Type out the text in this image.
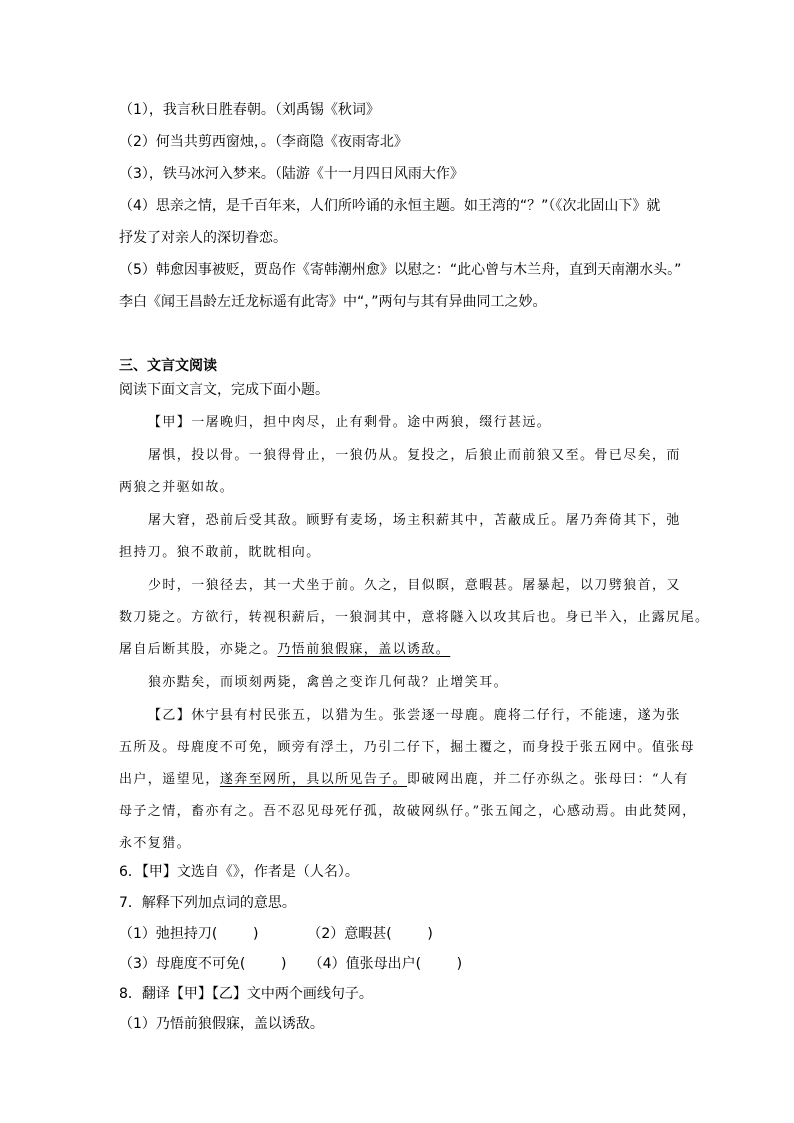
（1），我言秋日胜春朝。（刘禹锡《秋词》
（2）何当共剪西窗烛，。（李商隐《夜雨寄北》
（3），铁马冰河入梦来。（陆游《十一月四日风雨大作》
（4）思亲之情，是千百年来，人们所吟诵的永恒主题。如王湾的“？”（《次北固山下》就
抒发了对亲人的深切眷恋。
（5）韩愈因事被贬，贾岛作《寄韩潮州愈》以慰之：“此心曾与木兰舟，直到天南潮水头。”
李白《闻王昌龄左迁龙标遥有此寄》中“，”两句与其有异曲同工之妙。
三、文言文阅读
阅读下面文言文，完成下面小题。
【甲】一屠晚归，担中肉尽，止有剩骨。途中两狼，缀行甚远。
屠惧，投以骨。一狼得骨止，一狼仍从。复投之，后狼止而前狼又至。骨已尽矣，而
两狼之并驱如故。
屠大窘，恐前后受其敌。顾野有麦场，场主积薪其中，苫蔽成丘。屠乃奔倚其下，弛
担持刀。狼不敢前，眈眈相向。
少时，一狼径去，其一犬坐于前。久之，目似瞑，意暇甚。屠暴起，以刀劈狼首，又
数刀毙之。方欲行，转视积薪后，一狼洞其中，意将隧入以攻其后也。身已半入，止露尻尾。
屠自后断其股，亦毙之。乃悟前狼假寐，盖以诱敌。
狼亦黠矣，而顷刻两毙，禽兽之变诈几何哉？止增笑耳。
【乙】休宁县有村民张五，以猎为生。张尝逐一母鹿。鹿将二仔行，不能速，遂为张
五所及。母鹿度不可免，顾旁有浮土，乃引二仔下，掘土覆之，而身投于张五网中。值张母
出户，遥望见，遂奔至网所，具以所见告子。即破网出鹿，并二仔亦纵之。张母曰：“人有
母子之情，畜亦有之。吾不忍见母死仔孤，故破网纵仔。”张五闻之，心感动焉。由此焚网，
永不复猎。
6．【甲】文选自《》，作者是（人名）。
7．解释下列加点词的意思。
（1）弛担持刀(        )           （2）意暇甚(        )
（3）母鹿度不可免(        )     （4）值张母出户(        )
8．翻译【甲】【乙】文中两个画线句子。
（1）乃悟前狼假寐，盖以诱敌。
